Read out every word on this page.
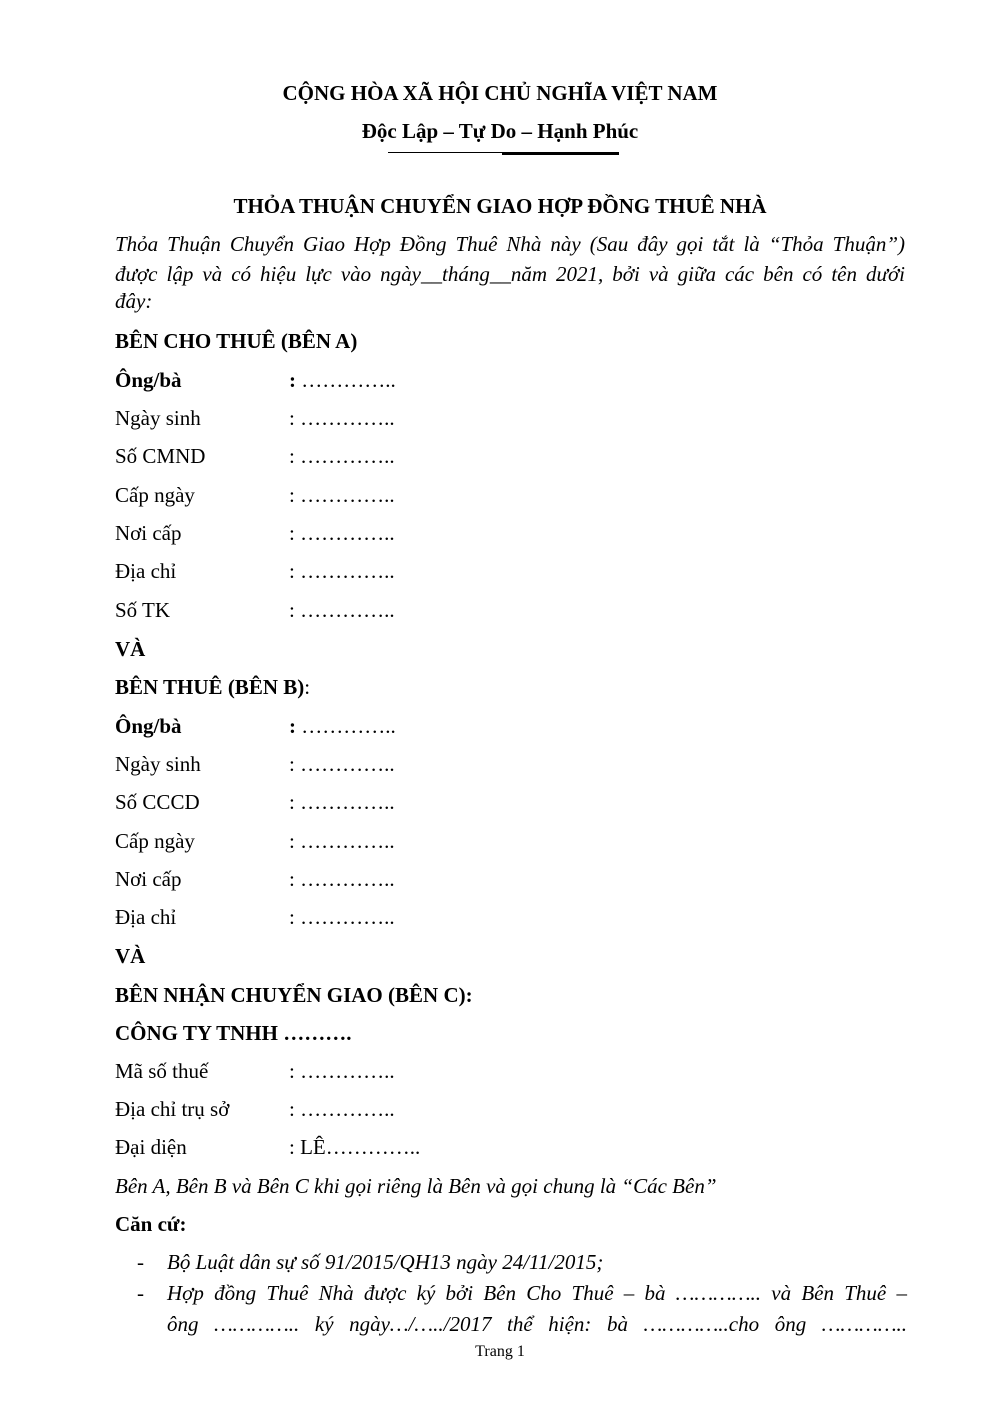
CỘNG HÒA XÃ HỘI CHỦ NGHĨA VIỆT NAM
Độc Lập – Tự Do – Hạnh Phúc
THỎA THUẬN CHUYỂN GIAO HỢP ĐỒNG THUÊ NHÀ
Thỏa Thuận Chuyển Giao Hợp Đồng Thuê Nhà này (Sau đây gọi tắt là “Thỏa Thuận”)
được lập và có hiệu lực vào ngày__tháng__năm 2021, bởi và giữa các bên có tên dưới
đây:
BÊN CHO THUÊ (BÊN A)
Ông/bà	: …………..
Ngày sinh	: …………..
Số CMND	: …………..
Cấp ngày	: …………..
Nơi cấp	: …………..
Địa chỉ	: …………..
Số TK	: …………..
VÀ
BÊN THUÊ (BÊN B):
Ông/bà	: …………..
Ngày sinh	: …………..
Số CCCD	: …………..
Cấp ngày	: …………..
Nơi cấp	: …………..
Địa chỉ	: …………..
VÀ
BÊN NHẬN CHUYỂN GIAO (BÊN C):
CÔNG TY TNHH ……….
Mã số thuế	: …………..
Địa chỉ trụ sở	: …………..
Đại diện	: LÊ…………..
Bên A, Bên B và Bên C khi gọi riêng là Bên và gọi chung là “Các Bên”
Căn cứ:
- Bộ Luật dân sự số 91/2015/QH13 ngày 24/11/2015;
- Hợp đồng Thuê Nhà được ký bởi Bên Cho Thuê – bà ………….. và Bên Thuê –
ông ………….. ký ngày…/…../2017 thể hiện: bà …………..cho ông …………..
Trang 1
